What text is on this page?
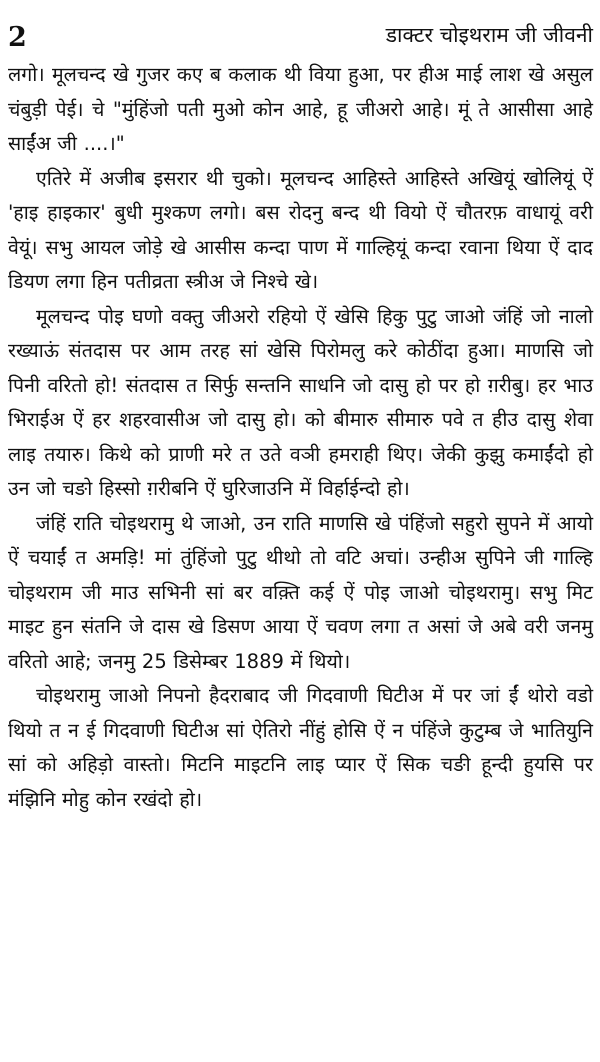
2	डाक्टर चोइथराम जी जीवनी

लगो। मूलचन्द खे गुजर कए ब कलाक थी विया हुआ, पर हीअ माई लाश खे असुल चंबुड़ी पेई। चे "मुंहिंजो पती मुओ कोन आहे, हू जीअरो आहे। मूं ते आसीसा आहे साईंअ जी ....।"

एतिरे में अजीब इसरार थी चुको। मूलचन्द आहिस्ते आहिस्ते अखियूं खोलियूं ऐं 'हाइ हाइकार' बुधी मुश्कण लगो। बस रोदनु बन्द थी वियो ऐं चौतरफ़ वाधायूं वरी वेयूं। सभु आयल जोड़े खे आसीस कन्दा पाण में गाल्हियूं कन्दा रवाना थिया ऐं दाद डियण लगा हिन पतीव्रता स्त्रीअ जे निश्चे खे।

मूलचन्द पोइ घणो वक्तु जीअरो रहियो ऐं खेसि हिकु पुटु जाओ जंहिं जो नालो रख्याऊं संतदास पर आम तरह सां खेसि पिरोमलु करे कोठींदा हुआ। माणसि जो पिनी वरितो हो! संतदास त सिर्फु सन्तनि साधनि जो दासु हो पर हो ग़रीबु। हर भाउ भिराईअ ऐं हर शहरवासीअ जो दासु हो। को बीमारु सीमारु पवे त हीउ दासु शेवा लाइ तयारु। किथे को प्राणी मरे त उते वञी हमराही थिए। जेकी कुझु कमाईंदो हो उन जो चङो हिस्सो ग़रीबनि ऐं घुरिजाउनि में विर्हाईन्दो हो।

जंहिं राति चोइथरामु थे जाओ, उन राति माणसि खे पंहिंजो सहुरो सुपने में आयो ऐं चयाईं त अमड़ि! मां तुंहिंजो पुटु थीथो तो वटि अचां। उन्हीअ सुपिने जी गाल्हि चोइथराम जी माउ सभिनी सां बर वक़्ति कई ऐं पोइ जाओ चोइथरामु। सभु मिट माइट हुन संतनि जे दास खे डिसण आया ऐं चवण लगा त असां जे अबे वरी जनमु वरितो आहे; जनमु 25 डिसेम्बर 1889 में थियो।

चोइथरामु जाओ निपनो हैदराबाद जी गिदवाणी घिटीअ में पर जां ईं थोरो वडो थियो त न ई गिदवाणी घिटीअ सां ऐतिरो नींहुं होसि ऐं न पंहिंजे कुटुम्ब जे भातियुनि सां को अहिड़ो वास्तो। मिटनि माइटनि लाइ प्यार ऐं सिक चङी हून्दी हुयसि पर मंझिनि मोहु कोन रखंदो हो।
